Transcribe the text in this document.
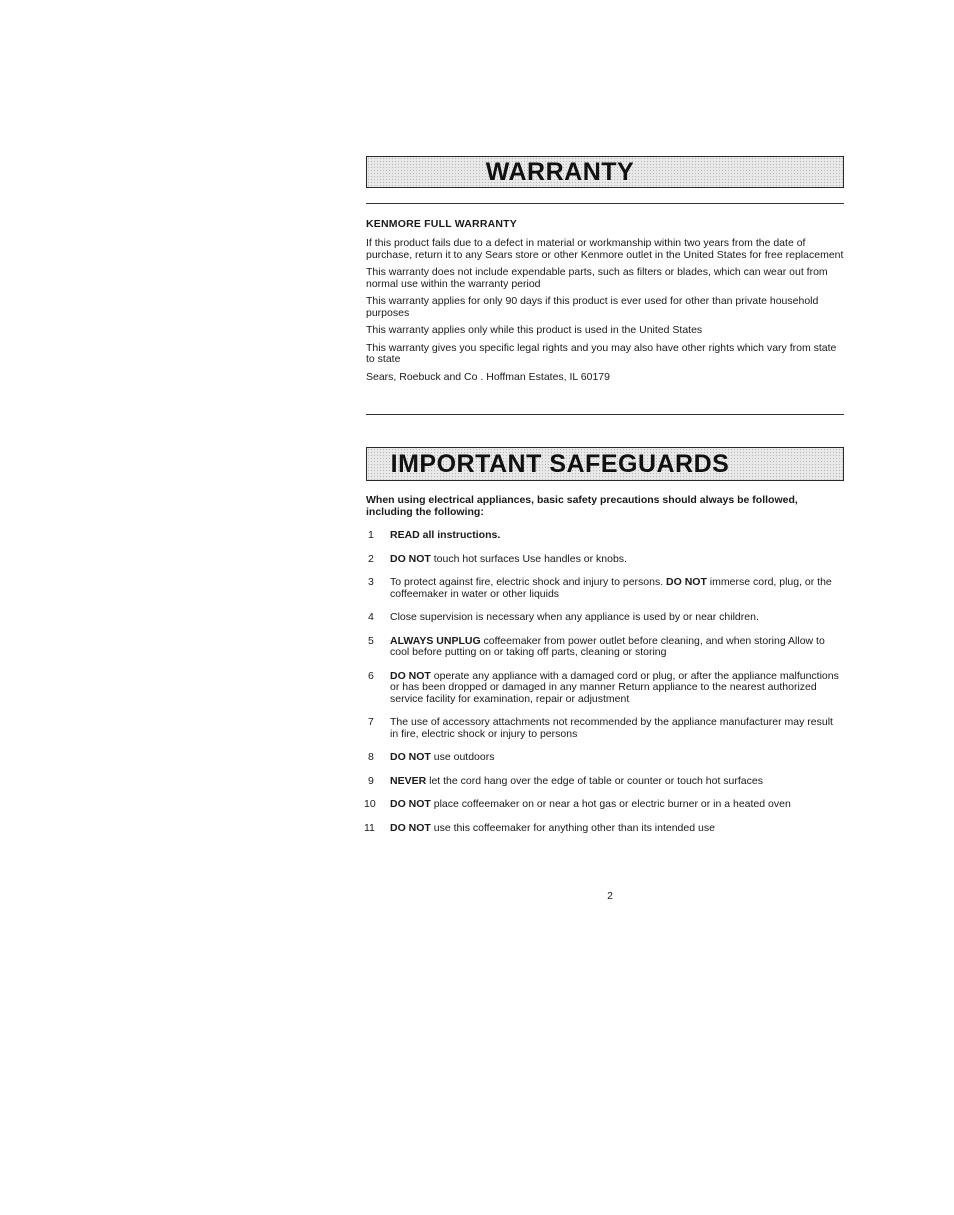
WARRANTY
KENMORE FULL WARRANTY

If this product fails due to a defect in material or workmanship within two years from the date of purchase, return it to any Sears store or other Kenmore outlet in the United States for free replacement

This warranty does not include expendable parts, such as filters or blades, which can wear out from normal use within the warranty period

This warranty applies for only 90 days if this product is ever used for other than private household purposes

This warranty applies only while this product is used in the United States

This warranty gives you specific legal rights and you may also have other rights which vary from state to state

Sears, Roebuck and Co . Hoffman Estates, IL 60179

IMPORTANT SAFEGUARDS

When using electrical appliances, basic safety precautions should always be followed, including the following:

1 READ all instructions.
2 DO NOT touch hot surfaces Use handles or knobs.
3 To protect against fire, electric shock and injury to persons. DO NOT immerse cord, plug, or the coffeemaker in water or other liquids
4 Close supervision is necessary when any appliance is used by or near children.
5 ALWAYS UNPLUG coffeemaker from power outlet before cleaning, and when storing Allow to cool before putting on or taking off parts, cleaning or storing
6 DO NOT operate any appliance with a damaged cord or plug, or after the appliance malfunctions or has been dropped or damaged in any manner Return appliance to the nearest authorized service facility for examination, repair or adjustment
7 The use of accessory attachments not recommended by the appliance manufacturer may result in fire, electric shock or injury to persons
8 DO NOT use outdoors
9 NEVER let the cord hang over the edge of table or counter or touch hot surfaces
10 DO NOT place coffeemaker on or near a hot gas or electric burner or in a heated oven
11 DO NOT use this coffeemaker for anything other than its intended use
2
